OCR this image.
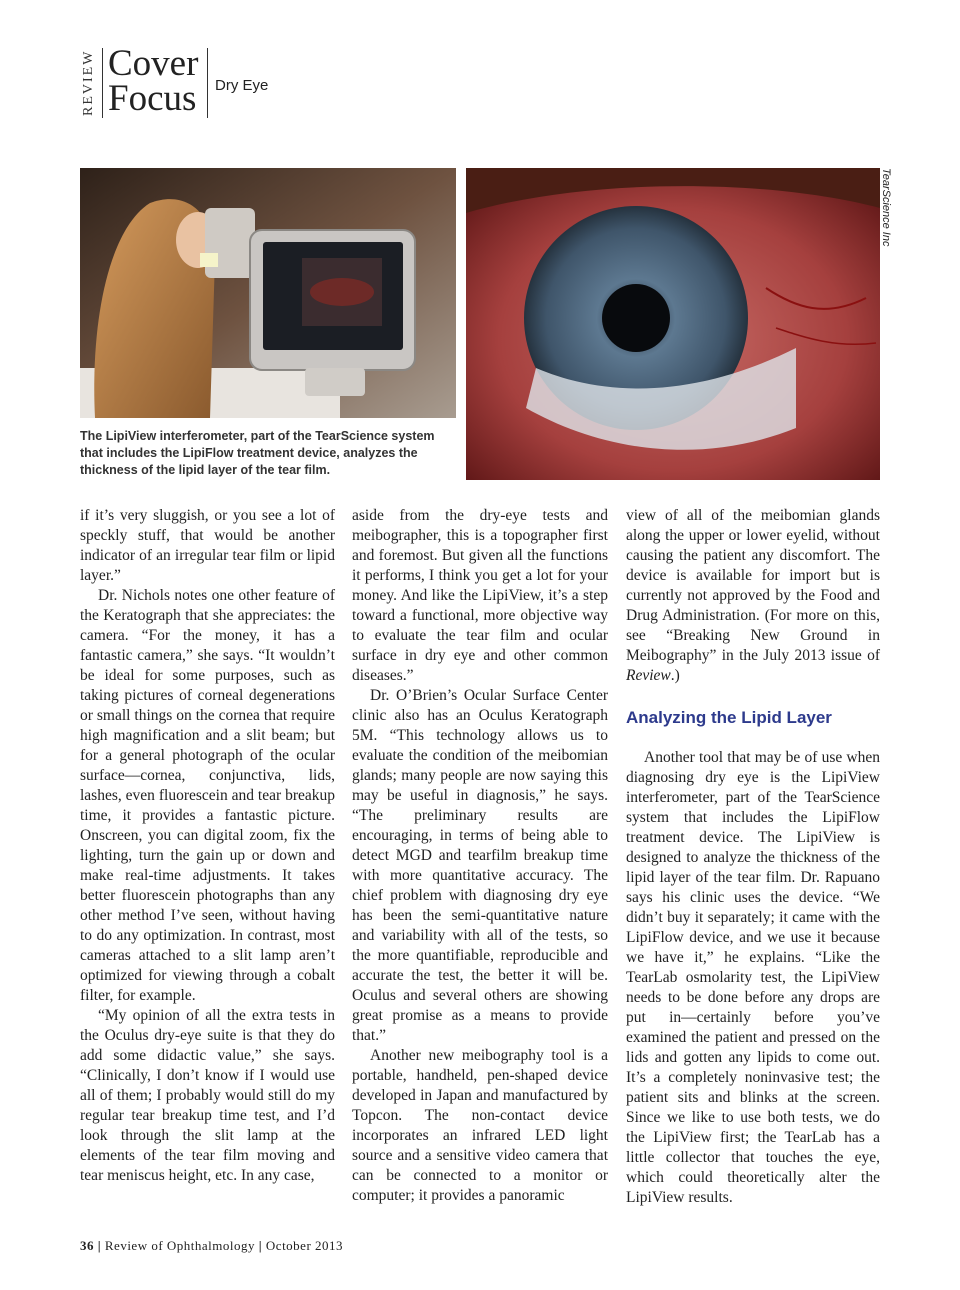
REVIEW Cover
Focus Dry Eye
TearScience Inc
The LipiView interferometer, part of the TearScience system that includes the LipiFlow treatment device, analyzes the thickness of the lipid layer of the tear film.

if it’s very sluggish, or you see a lot of speckly stuff, that would be another indicator of an irregular tear film or lipid layer.”

Dr. Nichols notes one other feature of the Keratograph that she appreciates: the camera. “For the money, it has a fantastic camera,” she says. “It wouldn’t be ideal for some purposes, such as taking pictures of corneal degenerations or small things on the cornea that require high magnification and a slit beam; but for a general photograph of the ocular surface—cornea, conjunctiva, lids, lashes, even fluorescein and tear breakup time, it provides a fantastic picture. Onscreen, you can digital zoom, fix the lighting, turn the gain up or down and make real-time adjustments. It takes better fluorescein photographs than any other method I’ve seen, without having to do any optimization. In contrast, most cameras attached to a slit lamp aren’t optimized for viewing through a cobalt filter, for example.

“My opinion of all the extra tests in the Oculus dry-eye suite is that they do add some didactic value,” she says. “Clinically, I don’t know if I would use all of them; I probably would still do my regular tear breakup time test, and I’d look through the slit lamp at the elements of the tear film moving and tear meniscus height, etc. In any case,

aside from the dry-eye tests and meibographer, this is a topographer first and foremost. But given all the functions it performs, I think you get a lot for your money. And like the LipiView, it’s a step toward a functional, more objective way to evaluate the tear film and ocular surface in dry eye and other common diseases.”

Dr. O’Brien’s Ocular Surface Center clinic also has an Oculus Keratograph 5M. “This technology allows us to evaluate the condition of the meibomian glands; many people are now saying this may be useful in diagnosis,” he says. “The preliminary results are encouraging, in terms of being able to detect MGD and tearfilm breakup time with more quantitative accuracy. The chief problem with diagnosing dry eye has been the semi-quantitative nature and variability with all of the tests, so the more quantifiable, reproducible and accurate the test, the better it will be. Oculus and several others are showing great promise as a means to provide that.”

Another new meibography tool is a portable, handheld, pen-shaped device developed in Japan and manufactured by Topcon. The non-contact device incorporates an infrared LED light source and a sensitive video camera that can be connected to a monitor or computer; it provides a panoramic

view of all of the meibomian glands along the upper or lower eyelid, without causing the patient any discomfort. The device is available for import but is currently not approved by the Food and Drug Administration. (For more on this, see “Breaking New Ground in Meibography” in the July 2013 issue of Review.)

Analyzing the Lipid Layer

Another tool that may be of use when diagnosing dry eye is the LipiView interferometer, part of the TearScience system that includes the LipiFlow treatment device. The LipiView is designed to analyze the thickness of the lipid layer of the tear film. Dr. Rapuano says his clinic uses the device. “We didn’t buy it separately; it came with the LipiFlow device, and we use it because we have it,” he explains. “Like the TearLab osmolarity test, the LipiView needs to be done before any drops are put in—certainly before you’ve examined the patient and pressed on the lids and gotten any lipids to come out. It’s a completely noninvasive test; the patient sits and blinks at the screen. Since we like to use both tests, we do the LipiView first; the TearLab has a little collector that touches the eye, which could theoretically alter the LipiView results.

36 | Review of Ophthalmology | October 2013
